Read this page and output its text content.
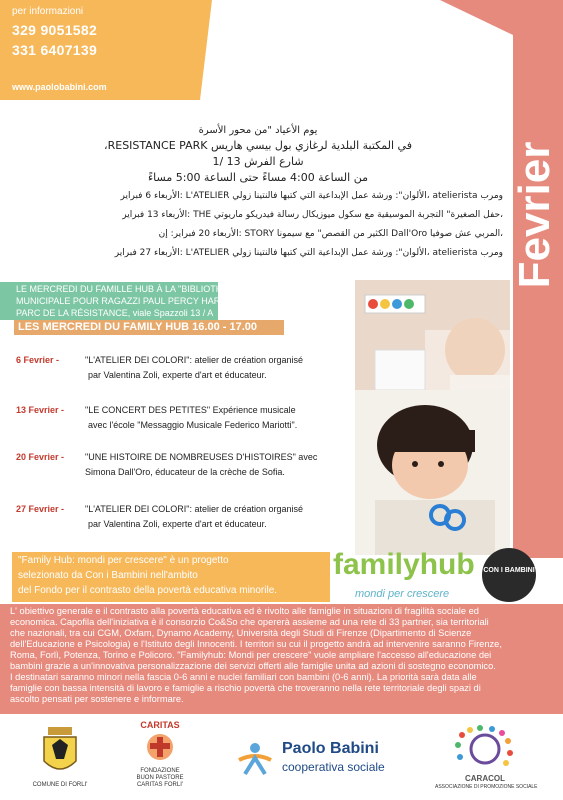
per informazioni
329 9051582
331 6407139
www.paolobabini.com
Fevrier
يوم الأعياد "من محور الأسرة
في المكتبة البلدية لرغازي بول بيسي هاريس RESISTANCE PARK،
شارع الفرش 13 /1
من الساعة 4:00 مساءً حتى الساعة 5:00 مساءً
ومرب atelierista ،الألوان": ورشة عمل الإبداعية التي كتبها فالنتينا زولي L'ATELIER :الأربعاء 6 فبراير
،حفل الصغيرة" التجربة الموسيقية مع سكول ميوزيكال رسالة فيدريكو ماريوتي THE :الأربعاء 13 فبراير
،المربي عش صوفيا Dall'Oro الكثير من القصص" مع سيمونا STORY :الأربعاء 20 فبراير: إن
ومرب atelierista ،الألوان": ورشة عمل الإبداعية التي كتبها فالنتينا زولي L'ATELIER :الأربعاء 27 فبراير
LE MERCREDI DU FAMILLE HUB À LA "BIBLIOTHÈQUE
MUNICIPALE POUR RAGAZZI PAUL PERCY HARRIS",
PARC DE LA RÉSISTANCE, viale Spazzoli 13 / A
LES MERCREDI DU FAMILY HUB 16.00 - 17.00
6 Fevrier -	"L'ATELIER DEI COLORI": atelier de création organisé
par Valentina Zoli, experte d'art et éducateur.
13 Fevrier - "LE CONCERT DES PETITES" Expérience musicale
avec l'école "Messaggio Musicale Federico Mariotti".
20 Fevrier - "UNE HISTOIRE DE NOMBREUSES D'HISTOIRES" avec
Simona Dall'Oro, éducateur de la crèche de Sofia.
27 Fevrier - "L'ATELIER DEI COLORI": atelier de création organisé
par Valentina Zoli, experte d'art et éducateur.
"Family Hub: mondi per crescere" è un progetto
selezionato da Con i Bambini nell'ambito
del Fondo per il contrasto della povertà educativa minorile.
familyhub
mondi per crescere
CON I BAMBINI
L' obiettivo generale e il contrasto alla povertà educativa ed è rivolto alle famiglie in situazioni di fragilità sociale ed
economica. Capofila dell'iniziativa è il consorzio Co&So che opererà assieme ad una rete di 33 partner, sia territoriali
che nazionali, tra cui CGM, Oxfam, Dynamo Academy, Università degli Studi di Firenze (Dipartimento di Scienze
dell'Educazione e Psicologia) e l'Istituto degli Innocenti. I territori su cui il progetto andrà ad intervenire saranno Firenze,
Roma, Forlì, Potenza, Torino e Policoro. "Familyhub: Mondi per crescere" vuole ampliare l'accesso all'educazione dei
bambini grazie a un'innovativa personalizzazione dei servizi offerti alle famiglie unita ad azioni di sostegno economico.
I destinatari saranno minori nella fascia 0-6 anni e nuclei familiari con bambini (0-6 anni). La priorità sarà data alle
famiglie con bassa intensità di lavoro e famiglie a rischio povertà che troveranno nella rete territoriale degli spazi di
ascolto pensati per sostenere e informare.
COMUNE DI FORLI'
CARITAS
FONDAZIONE
BUON PASTORE
CARITAS FORLI'
Paolo Babini
cooperativa sociale
CARACOL
ASSOCIAZIONE DI PROMOZIONE SOCIALE
